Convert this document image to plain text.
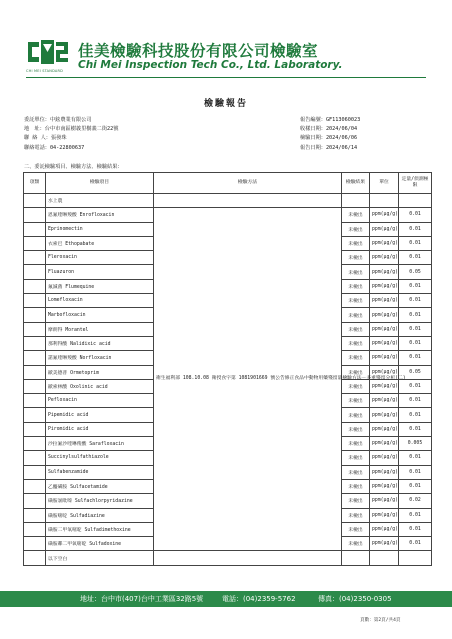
CHI MEI STANDARD
佳美檢驗科技股份有限公司檢驗室
Chi Mei Inspection Tech Co., Ltd. Laboratory.
檢驗報告
委託單位：中鉉農業有限公司
地　址：台中市南區樹義里樹義二街22號
聯 絡 人：張發珠
聯絡電話：04-22800637
報告編號：GF113060023
收樣日期：2024/06/04
檢驗日期：2024/06/06
報告日期：2024/06/14
二、委託檢驗項目、檢驗方法、檢驗結果：
項類	檢驗項目	檢驗方法	檢驗結果	單位	定量/偵測極限
	水上農				
	恩氟喹啉羧酸 Enrofloxacin	衛生福利部 108.10.08 衛授食字第 1081901669 號公告修正食品中動物用藥殘留量檢驗方法－多重殘留分析(二)	未檢出	ppm(μg/g)	0.01
	Eprinomectin		未檢出	ppm(μg/g)	0.01
	衣索巴 Ethopabate		未檢出	ppm(μg/g)	0.01
	Fleroxacin		未檢出	ppm(μg/g)	0.01
	Fluazuron		未檢出	ppm(μg/g)	0.05
	氟滅菌 Flumequine		未檢出	ppm(μg/g)	0.01
	Lomefloxacin		未檢出	ppm(μg/g)	0.01
	Marbofloxacin		未檢出	ppm(μg/g)	0.01
	摩朗得 Morantel		未檢出	ppm(μg/g)	0.01
	那利得酸 Nalidixic acid		未檢出	ppm(μg/g)	0.01
	諾氟喹啉羧酸 Norfloxacin		未檢出	ppm(μg/g)	0.01
	歐美德普 Ormetoprim		未檢出	ppm(μg/g)	0.05
	歐索林酸 Oxolinic acid		未檢出	ppm(μg/g)	0.01
	Pefloxacin		未檢出	ppm(μg/g)	0.01
	Pipemidic acid		未檢出	ppm(μg/g)	0.01
	Piromidic acid		未檢出	ppm(μg/g)	0.01
	沙拉氟沙喹啉羧酸 Sarafloxacin		未檢出	ppm(μg/g)	0.005
	Succinylsulfathiazole		未檢出	ppm(μg/g)	0.01
	Sulfabenzamide		未檢出	ppm(μg/g)	0.01
	乙醯磺胺 Sulfacetamide		未檢出	ppm(μg/g)	0.01
	磺胺氯吡嗪 Sulfachlorpyridazine		未檢出	ppm(μg/g)	0.02
	磺胺嘧啶 Sulfadiazine		未檢出	ppm(μg/g)	0.01
	磺胺二甲氧嘧啶 Sulfadimethoxine		未檢出	ppm(μg/g)	0.01
	磺胺鄰二甲氧嘧啶 Sulfadoxine		未檢出	ppm(μg/g)	0.01
	以下空白				
地址：台中市(407)台中工業區32路5號	電話：(04)2359-5762	傳真：(04)2350-0305
頁數：第2頁/共4頁
